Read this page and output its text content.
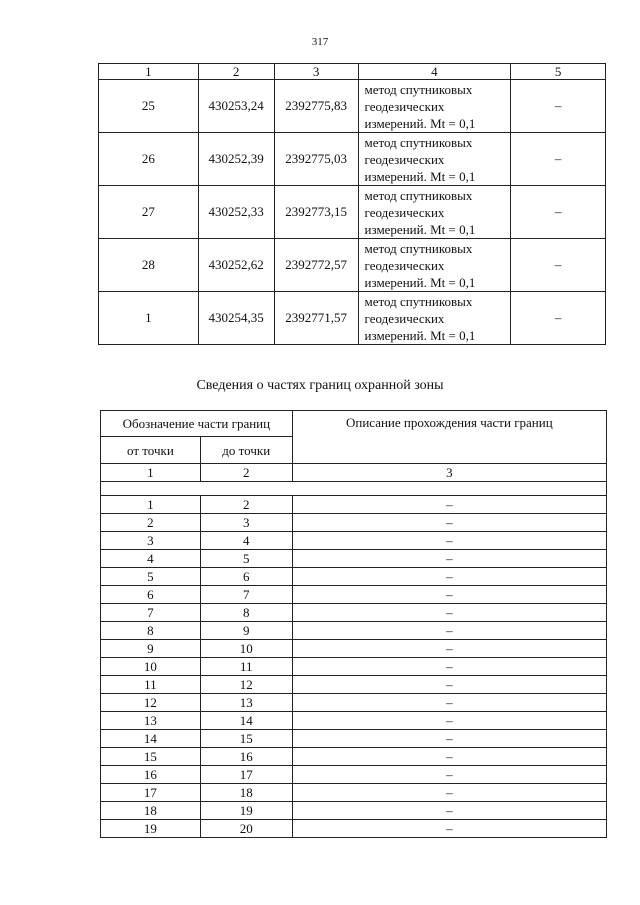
317
1	2	3	4	5
25	430253,24	2392775,83	метод спутниковых
геодезических
измерений. Mt = 0,1	–
26	430252,39	2392775,03	метод спутниковых
геодезических
измерений. Mt = 0,1	–
27	430252,33	2392773,15	метод спутниковых
геодезических
измерений. Mt = 0,1	–
28	430252,62	2392772,57	метод спутниковых
геодезических
измерений. Mt = 0,1	–
1	430254,35	2392771,57	метод спутниковых
геодезических
измерений. Mt = 0,1	–
Сведения о частях границ охранной зоны
Обозначение части границ		Описание прохождения части границ
от точки	до точки	
1	2	3

1	2	–
2	3	–
3	4	–
4	5	–
5	6	–
6	7	–
7	8	–
8	9	–
9	10	–
10	11	–
11	12	–
12	13	–
13	14	–
14	15	–
15	16	–
16	17	–
17	18	–
18	19	–
19	20	–
